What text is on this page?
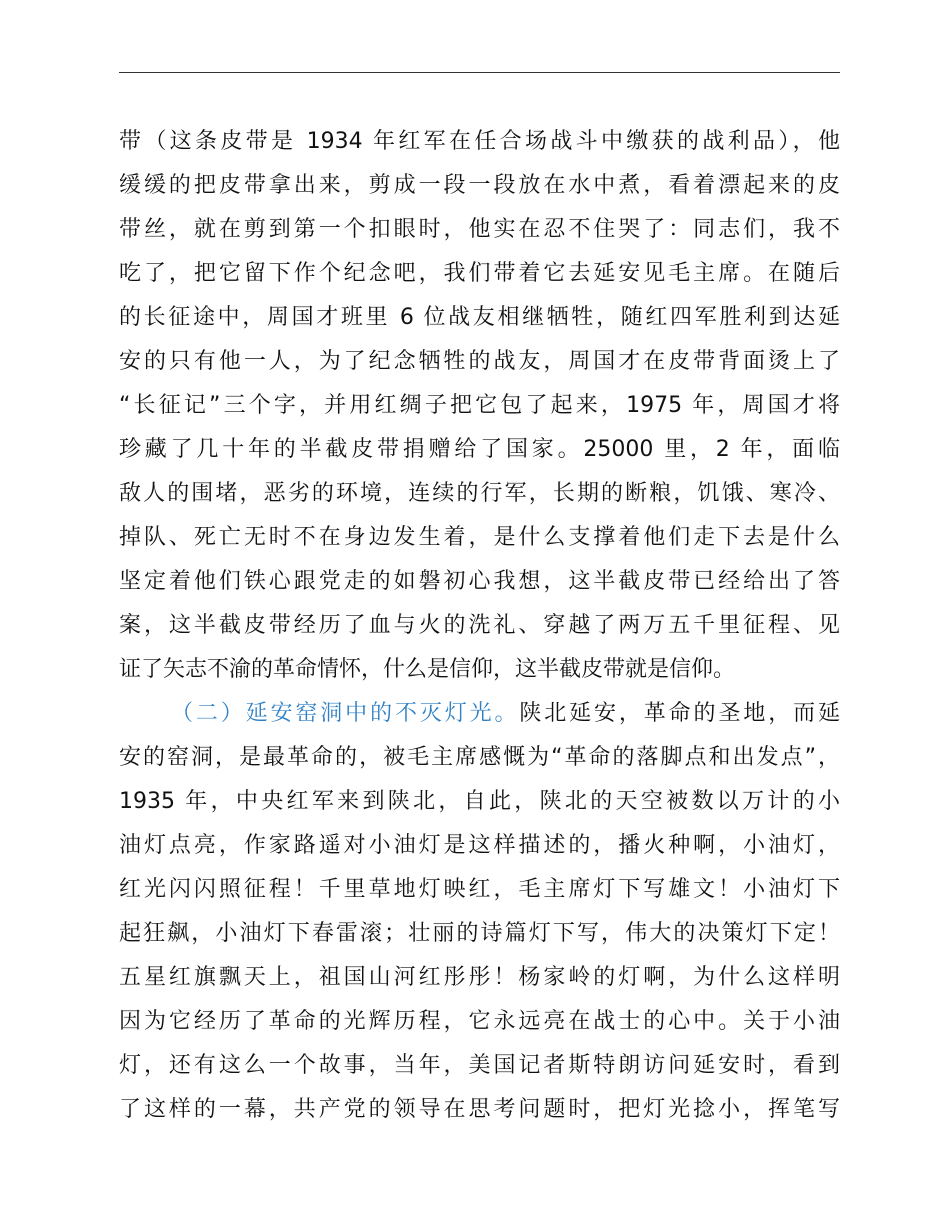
带（这条皮带是 1934 年红军在任合场战斗中缴获的战利品），他
缓缓的把皮带拿出来，剪成一段一段放在水中煮，看着漂起来的皮
带丝，就在剪到第一个扣眼时，他实在忍不住哭了：同志们，我不
吃了，把它留下作个纪念吧，我们带着它去延安见毛主席。在随后
的长征途中，周国才班里 6 位战友相继牺牲，随红四军胜利到达延
安的只有他一人，为了纪念牺牲的战友，周国才在皮带背面烫上了
“长征记”三个字，并用红绸子把它包了起来，1975 年，周国才将
珍藏了几十年的半截皮带捐赠给了国家。25000 里，2 年，面临
敌人的围堵，恶劣的环境，连续的行军，长期的断粮，饥饿、寒冷、
掉队、死亡无时不在身边发生着，是什么支撑着他们走下去是什么
坚定着他们铁心跟党走的如磐初心我想，这半截皮带已经给出了答
案，这半截皮带经历了血与火的洗礼、穿越了两万五千里征程、见
证了矢志不渝的革命情怀，什么是信仰，这半截皮带就是信仰。
（二）延安窑洞中的不灭灯光。陕北延安，革命的圣地，而延
安的窑洞，是最革命的，被毛主席感慨为“革命的落脚点和出发点”，
1935 年，中央红军来到陕北，自此，陕北的天空被数以万计的小
油灯点亮，作家路遥对小油灯是这样描述的，播火种啊，小油灯，
红光闪闪照征程！千里草地灯映红，毛主席灯下写雄文！小油灯下
起狂飙，小油灯下春雷滚；壮丽的诗篇灯下写，伟大的决策灯下定！
五星红旗飘天上，祖国山河红彤彤！杨家岭的灯啊，为什么这样明
因为它经历了革命的光辉历程，它永远亮在战士的心中。关于小油
灯，还有这么一个故事，当年，美国记者斯特朗访问延安时，看到
了这样的一幕，共产党的领导在思考问题时，把灯光捻小，挥笔写
